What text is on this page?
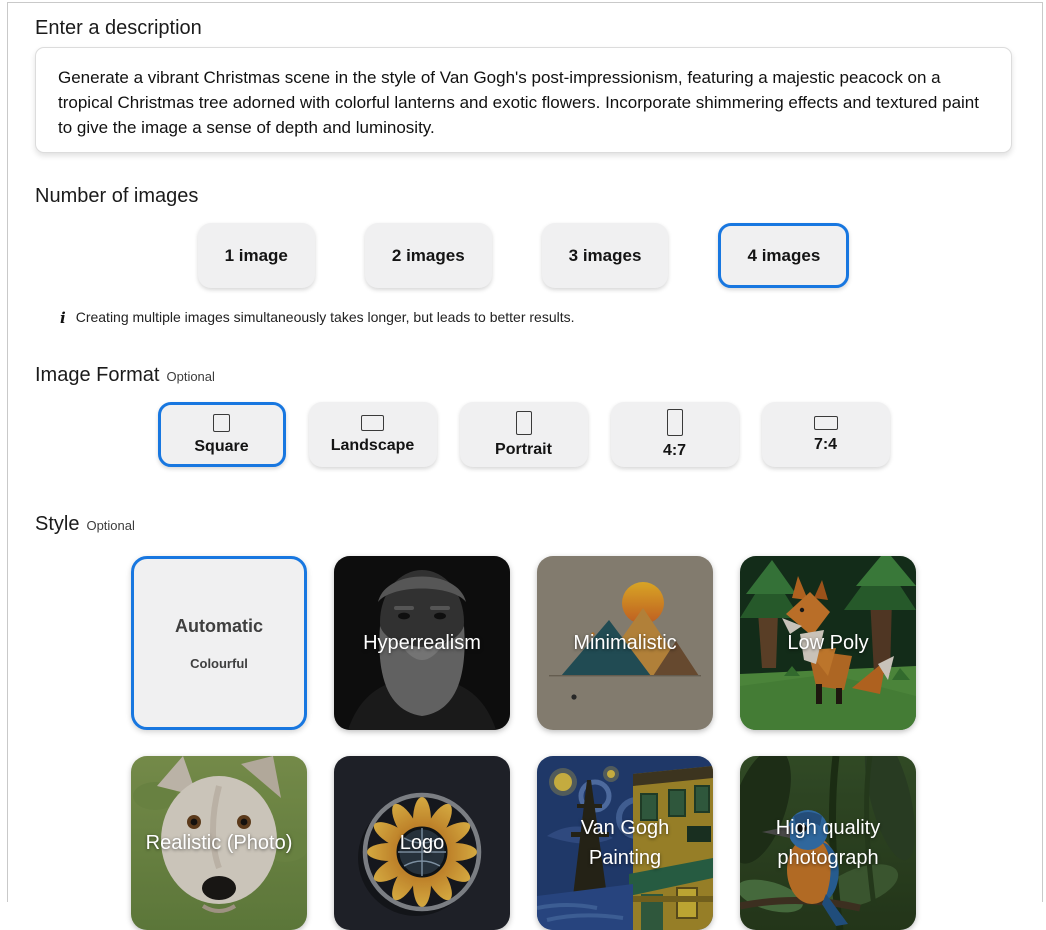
Enter a description

Generate a vibrant Christmas scene in the style of Van Gogh's post-impressionism, featuring a majestic peacock on a tropical Christmas tree adorned with colorful lanterns and exotic flowers. Incorporate shimmering effects and textured paint to give the image a sense of depth and luminosity.

Number of images
1 image	2 images	3 images	4 images
i Creating multiple images simultaneously takes longer, but leads to better results.
Image Format Optional
Square	Landscape	Portrait	4:7	7:4
Style Optional
Automatic
Colourful
Hyperrealism	Minimalistic	Low Poly
Realistic (Photo)	Logo
Van Gogh Painting
High quality photograph
